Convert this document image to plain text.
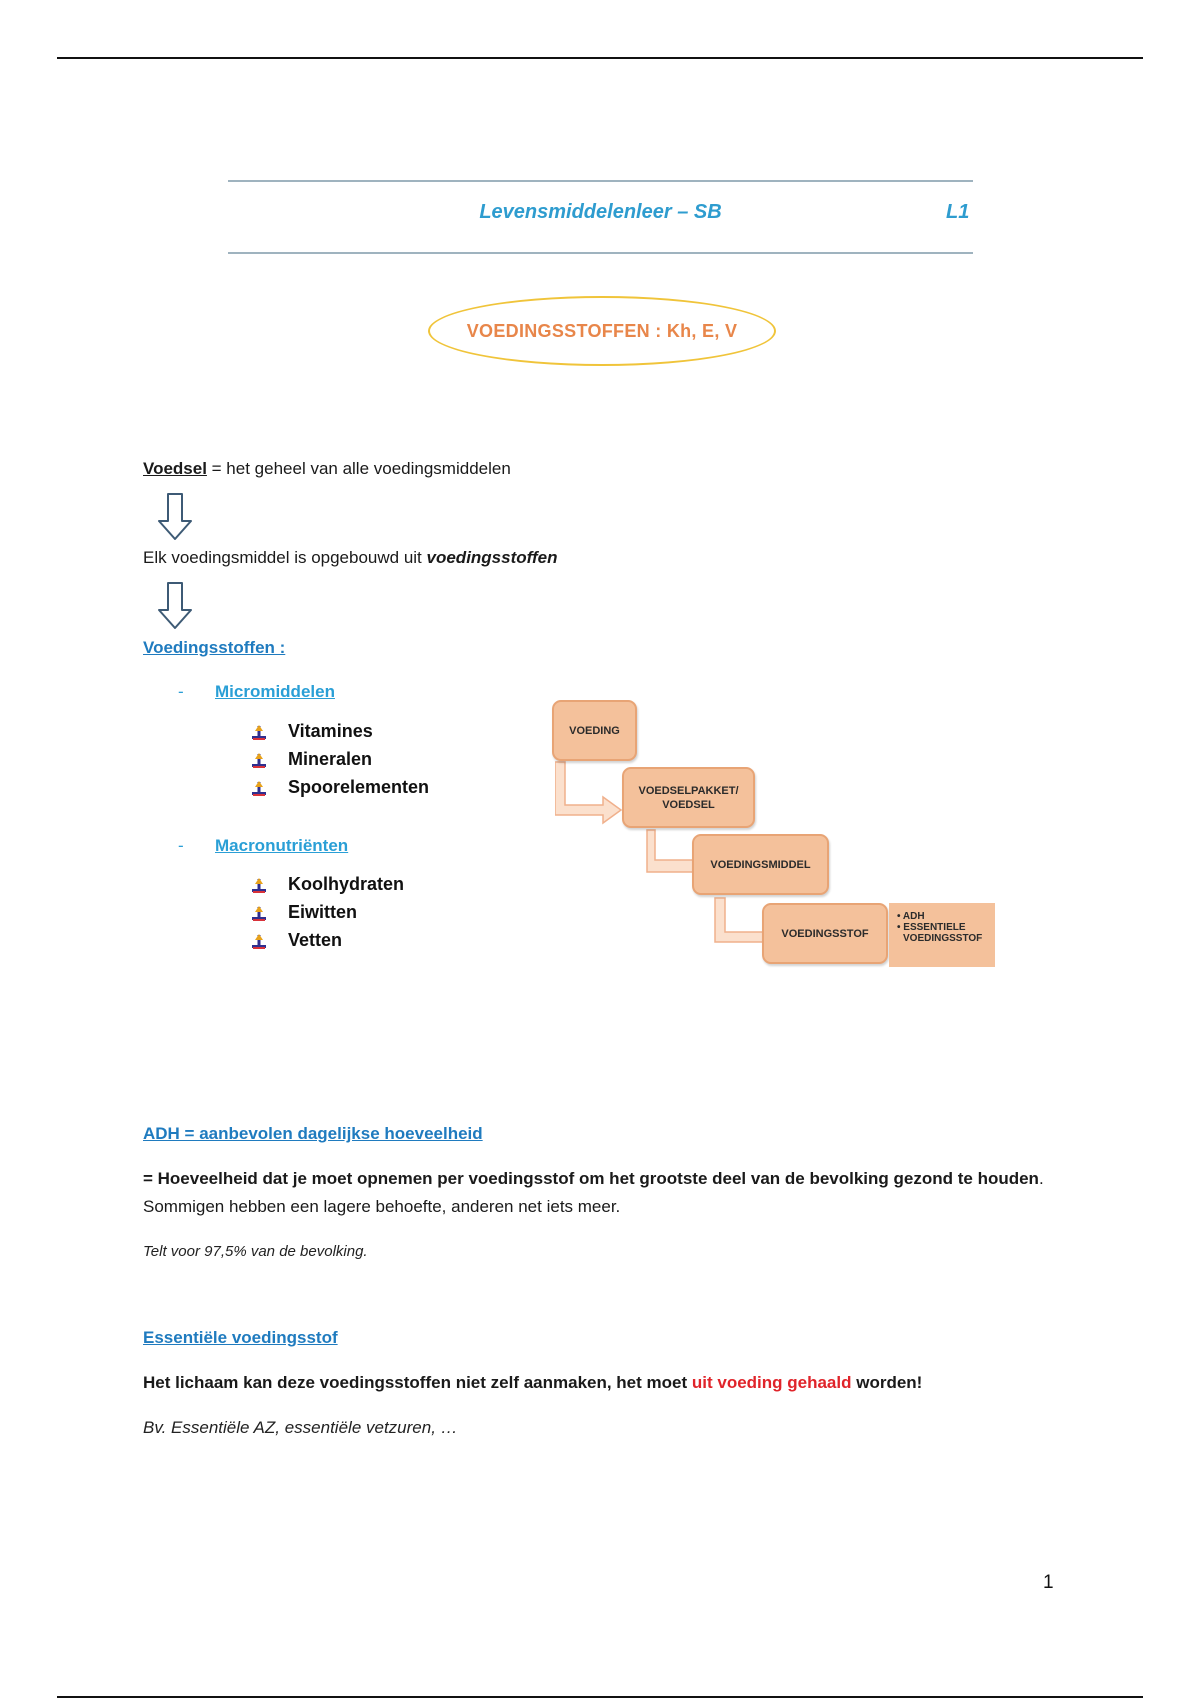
Levensmiddelenleer – SB	L1
VOEDINGSSTOFFEN : Kh, E, V
Voedsel = het geheel van alle voedingsmiddelen
Elk voedingsmiddel is opgebouwd uit voedingsstoffen
Voedingsstoffen :
- Micromiddelen
Vitamines
Mineralen
Spoorelementen
- Macronutriënten
Koolhydraten
Eiwitten
Vetten
VOEDING
VOEDSELPAKKET/ VOEDSEL
VOEDINGSMIDDEL
VOEDINGSSTOF
• ADH
• ESSENTIELE
VOEDINGSSTOF
ADH = aanbevolen dagelijkse hoeveelheid
= Hoeveelheid dat je moet opnemen per voedingsstof om het grootste deel van de bevolking gezond te houden. Sommigen hebben een lagere behoefte, anderen net iets meer.
Telt voor 97,5% van de bevolking.
Essentiële voedingsstof
Het lichaam kan deze voedingsstoffen niet zelf aanmaken, het moet uit voeding gehaald worden!
Bv. Essentiële AZ, essentiële vetzuren, …
1
